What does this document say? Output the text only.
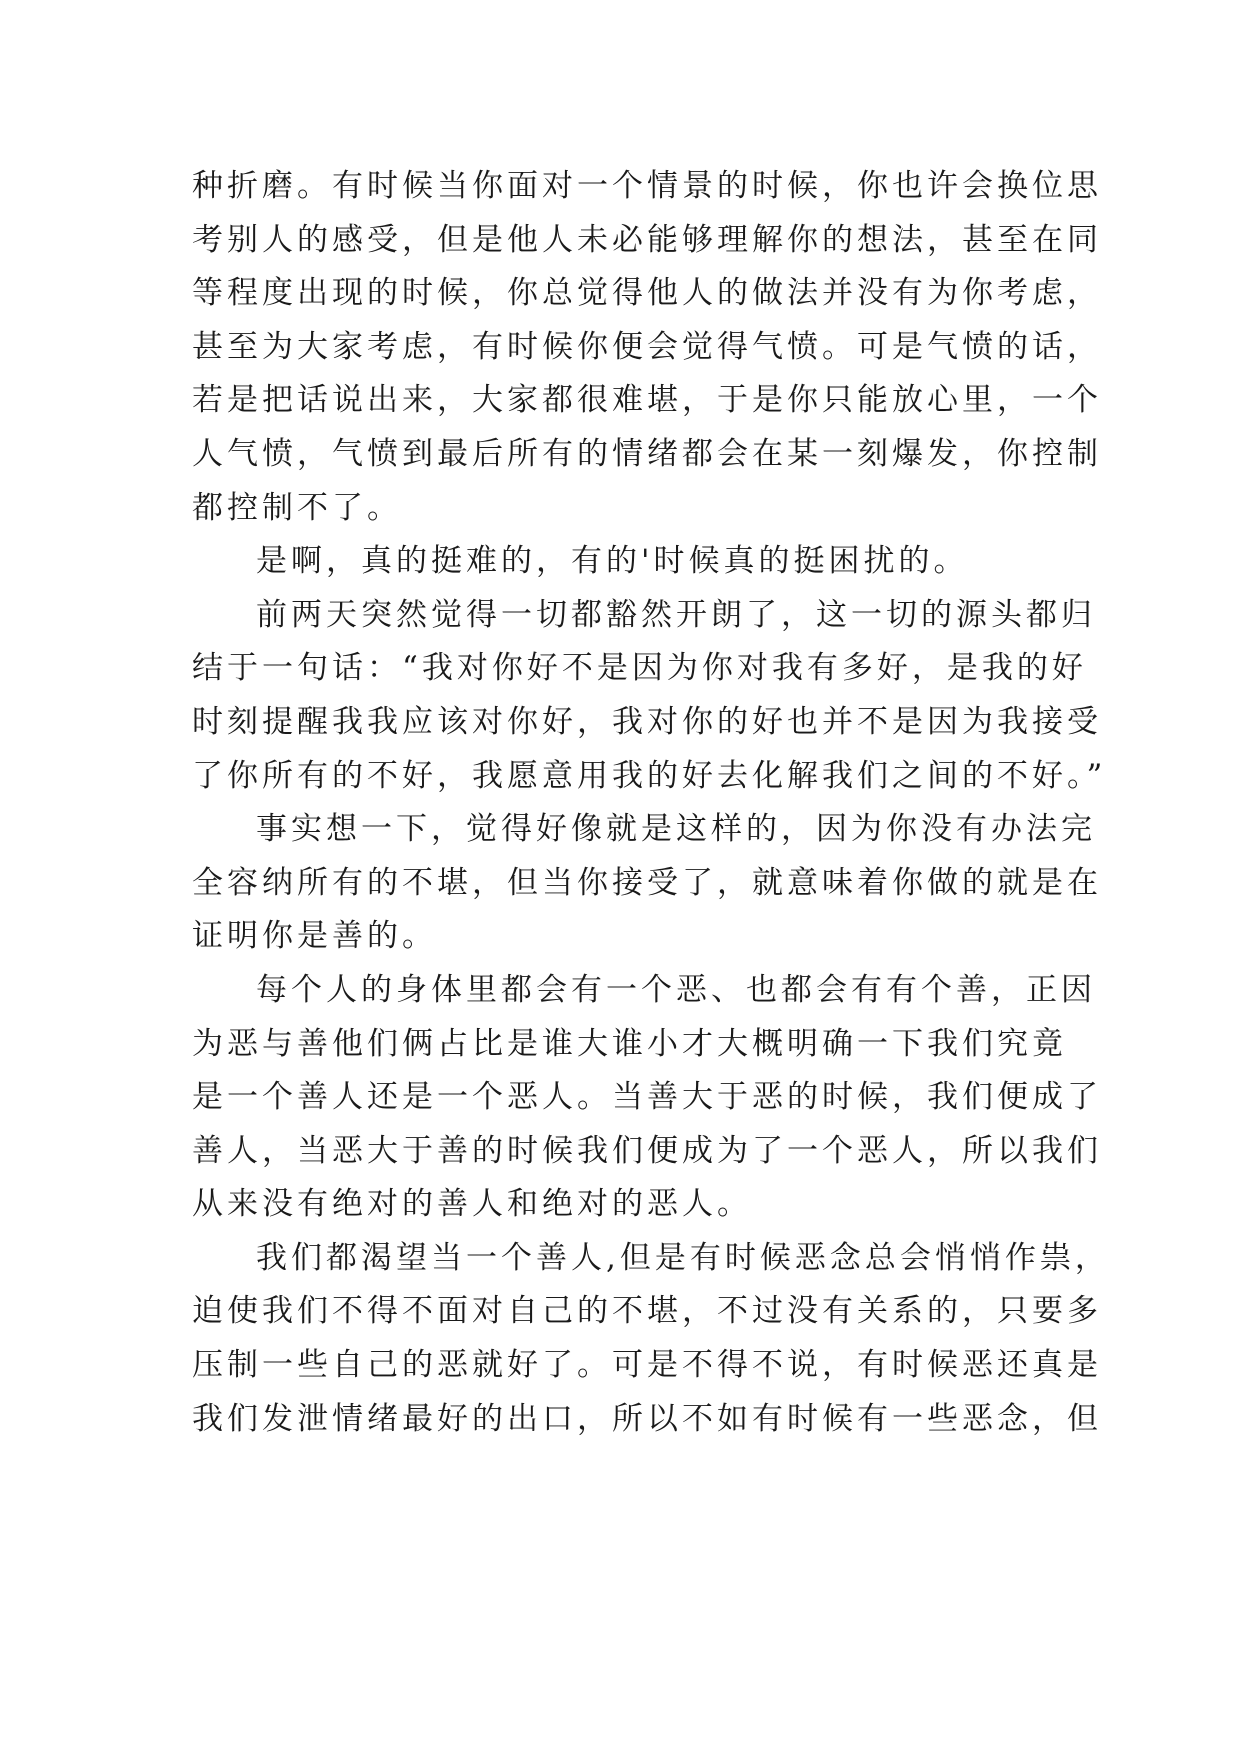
种折磨。有时候当你面对一个情景的时候，你也许会换位思
考别人的感受，但是他人未必能够理解你的想法，甚至在同
等程度出现的时候，你总觉得他人的做法并没有为你考虑，
甚至为大家考虑，有时候你便会觉得气愤。可是气愤的话，
若是把话说出来，大家都很难堪，于是你只能放心里，一个
人气愤，气愤到最后所有的情绪都会在某一刻爆发，你控制
都控制不了。
是啊，真的挺难的，有的'时候真的挺困扰的。
前两天突然觉得一切都豁然开朗了，这一切的源头都归
结于一句话：“我对你好不是因为你对我有多好，是我的好
时刻提醒我我应该对你好，我对你的好也并不是因为我接受
了你所有的不好，我愿意用我的好去化解我们之间的不好。”
事实想一下，觉得好像就是这样的，因为你没有办法完
全容纳所有的不堪，但当你接受了，就意味着你做的就是在
证明你是善的。
每个人的身体里都会有一个恶、也都会有有个善，正因
为恶与善他们俩占比是谁大谁小才大概明确一下我们究竟
是一个善人还是一个恶人。当善大于恶的时候，我们便成了
善人，当恶大于善的时候我们便成为了一个恶人，所以我们
从来没有绝对的善人和绝对的恶人。
我们都渴望当一个善人,但是有时候恶念总会悄悄作祟，
迫使我们不得不面对自己的不堪，不过没有关系的，只要多
压制一些自己的恶就好了。可是不得不说，有时候恶还真是
我们发泄情绪最好的出口，所以不如有时候有一些恶念，但
